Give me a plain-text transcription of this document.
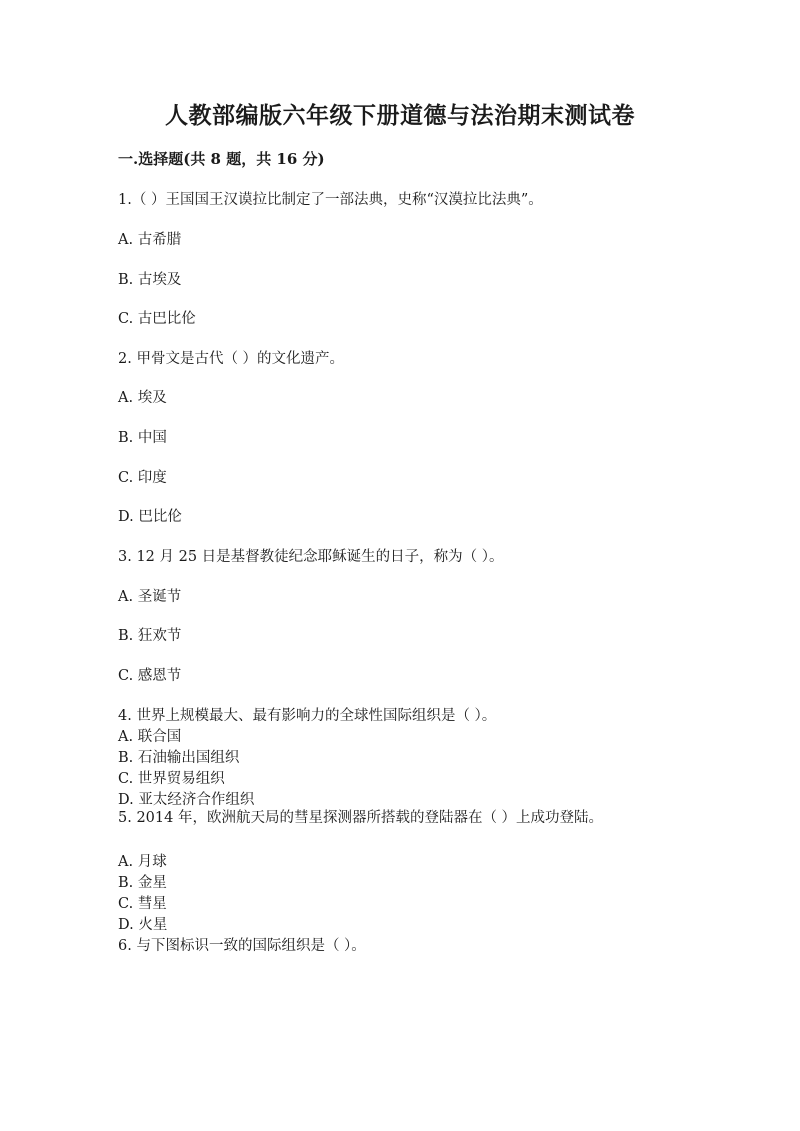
人教部编版六年级下册道德与法治期末测试卷
一.选择题(共 8 题，共 16 分)
1.（ ）王国国王汉谟拉比制定了一部法典，史称“汉漠拉比法典”。
A. 古希腊
B. 古埃及
C. 古巴比伦
2. 甲骨文是古代（ ）的文化遗产。
A. 埃及
B. 中国
C. 印度
D. 巴比伦
3. 12 月 25 日是基督教徒纪念耶稣诞生的日子，称为（ ）。
A. 圣诞节
B. 狂欢节
C. 感恩节
4. 世界上规模最大、最有影响力的全球性国际组织是（ ）。
A. 联合国
B. 石油输出国组织
C. 世界贸易组织
D. 亚太经济合作组织
5. 2014 年，欧洲航天局的彗星探测器所搭载的登陆器在（ ）上成功登陆。
A. 月球
B. 金星
C. 彗星
D. 火星
6. 与下图标识一致的国际组织是（ ）。
